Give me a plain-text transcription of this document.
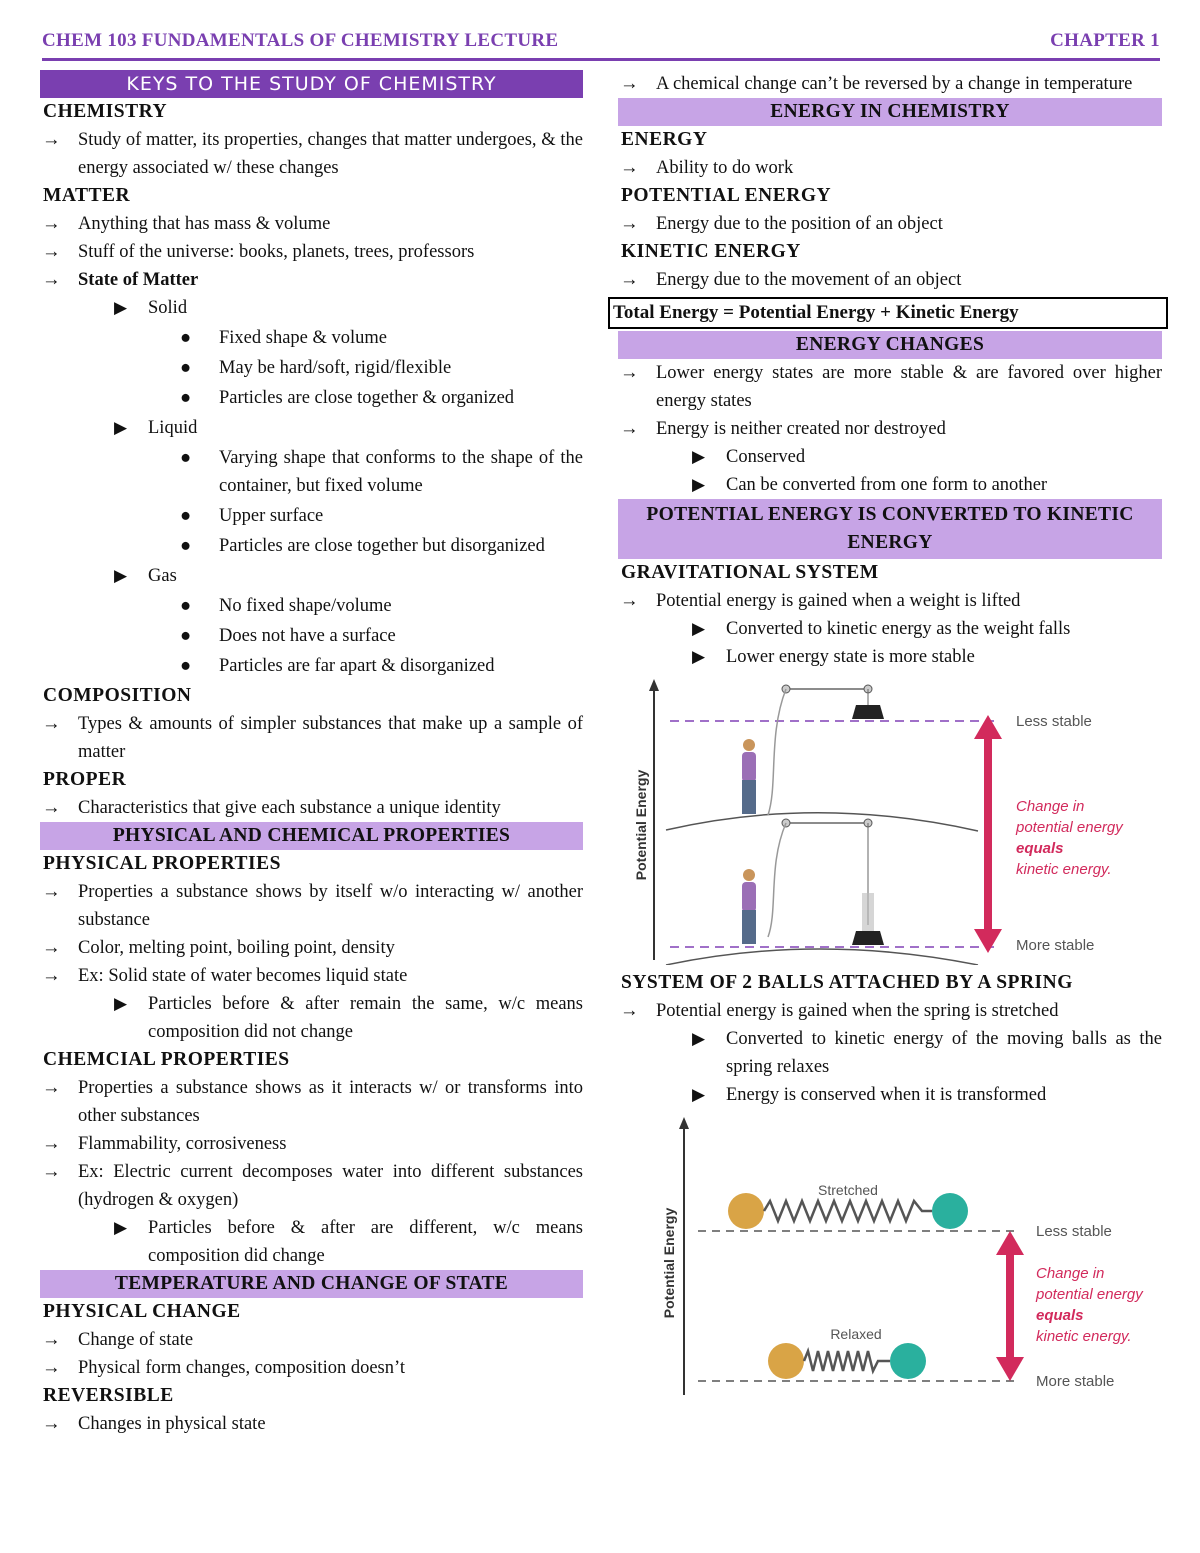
CHEM 103 FUNDAMENTALS OF CHEMISTRY LECTURE	CHAPTER 1
KEYS TO THE STUDY OF CHEMISTRY
CHEMISTRY
→ Study of matter, its properties, changes that matter undergoes, & the energy associated w/ these changes
MATTER
→ Anything that has mass & volume
→ Stuff of the universe: books, planets, trees, professors
→ State of Matter
▶ Solid
● Fixed shape & volume
● May be hard/soft, rigid/flexible
● Particles are close together & organized
▶ Liquid
● Varying shape that conforms to the shape of the container, but fixed volume
● Upper surface
● Particles are close together but disorganized
▶ Gas
● No fixed shape/volume
● Does not have a surface
● Particles are far apart & disorganized
COMPOSITION
→ Types & amounts of simpler substances that make up a sample of matter
PROPER
→ Characteristics that give each substance a unique identity
PHYSICAL AND CHEMICAL PROPERTIES
PHYSICAL PROPERTIES
→ Properties a substance shows by itself w/o interacting w/ another substance
→ Color, melting point, boiling point, density
→ Ex: Solid state of water becomes liquid state
▶ Particles before & after remain the same, w/c means composition did not change
CHEMCIAL PROPERTIES
→ Properties a substance shows as it interacts w/ or transforms into other substances
→ Flammability, corrosiveness
→ Ex: Electric current decomposes water into different substances (hydrogen & oxygen)
▶ Particles before & after are different, w/c means composition did change
TEMPERATURE AND CHANGE OF STATE
PHYSICAL CHANGE
→ Change of state
→ Physical form changes, composition doesn’t
REVERSIBLE
→ Changes in physical state
→ A chemical change can’t be reversed by a change in temperature
ENERGY IN CHEMISTRY
ENERGY
→ Ability to do work
POTENTIAL ENERGY
→ Energy due to the position of an object
KINETIC ENERGY
→ Energy due to the movement of an object
Total Energy = Potential Energy + Kinetic Energy
ENERGY CHANGES
→ Lower energy states are more stable & are favored over higher energy states
→ Energy is neither created nor destroyed
▶ Conserved
▶ Can be converted from one form to another
POTENTIAL ENERGY IS CONVERTED TO KINETIC ENERGY
GRAVITATIONAL SYSTEM
→ Potential energy is gained when a weight is lifted
▶ Converted to kinetic energy as the weight falls
▶ Lower energy state is more stable
Potential Energy
Less stable
More stable
Change in
potential energy
equals
kinetic energy.
SYSTEM OF 2 BALLS ATTACHED BY A SPRING
→ Potential energy is gained when the spring is stretched
▶ Converted to kinetic energy of the moving balls as the spring relaxes
▶ Energy is conserved when it is transformed
Potential Energy
Stretched
Relaxed
Less stable
More stable
Change in
potential energy
equals
kinetic energy.
